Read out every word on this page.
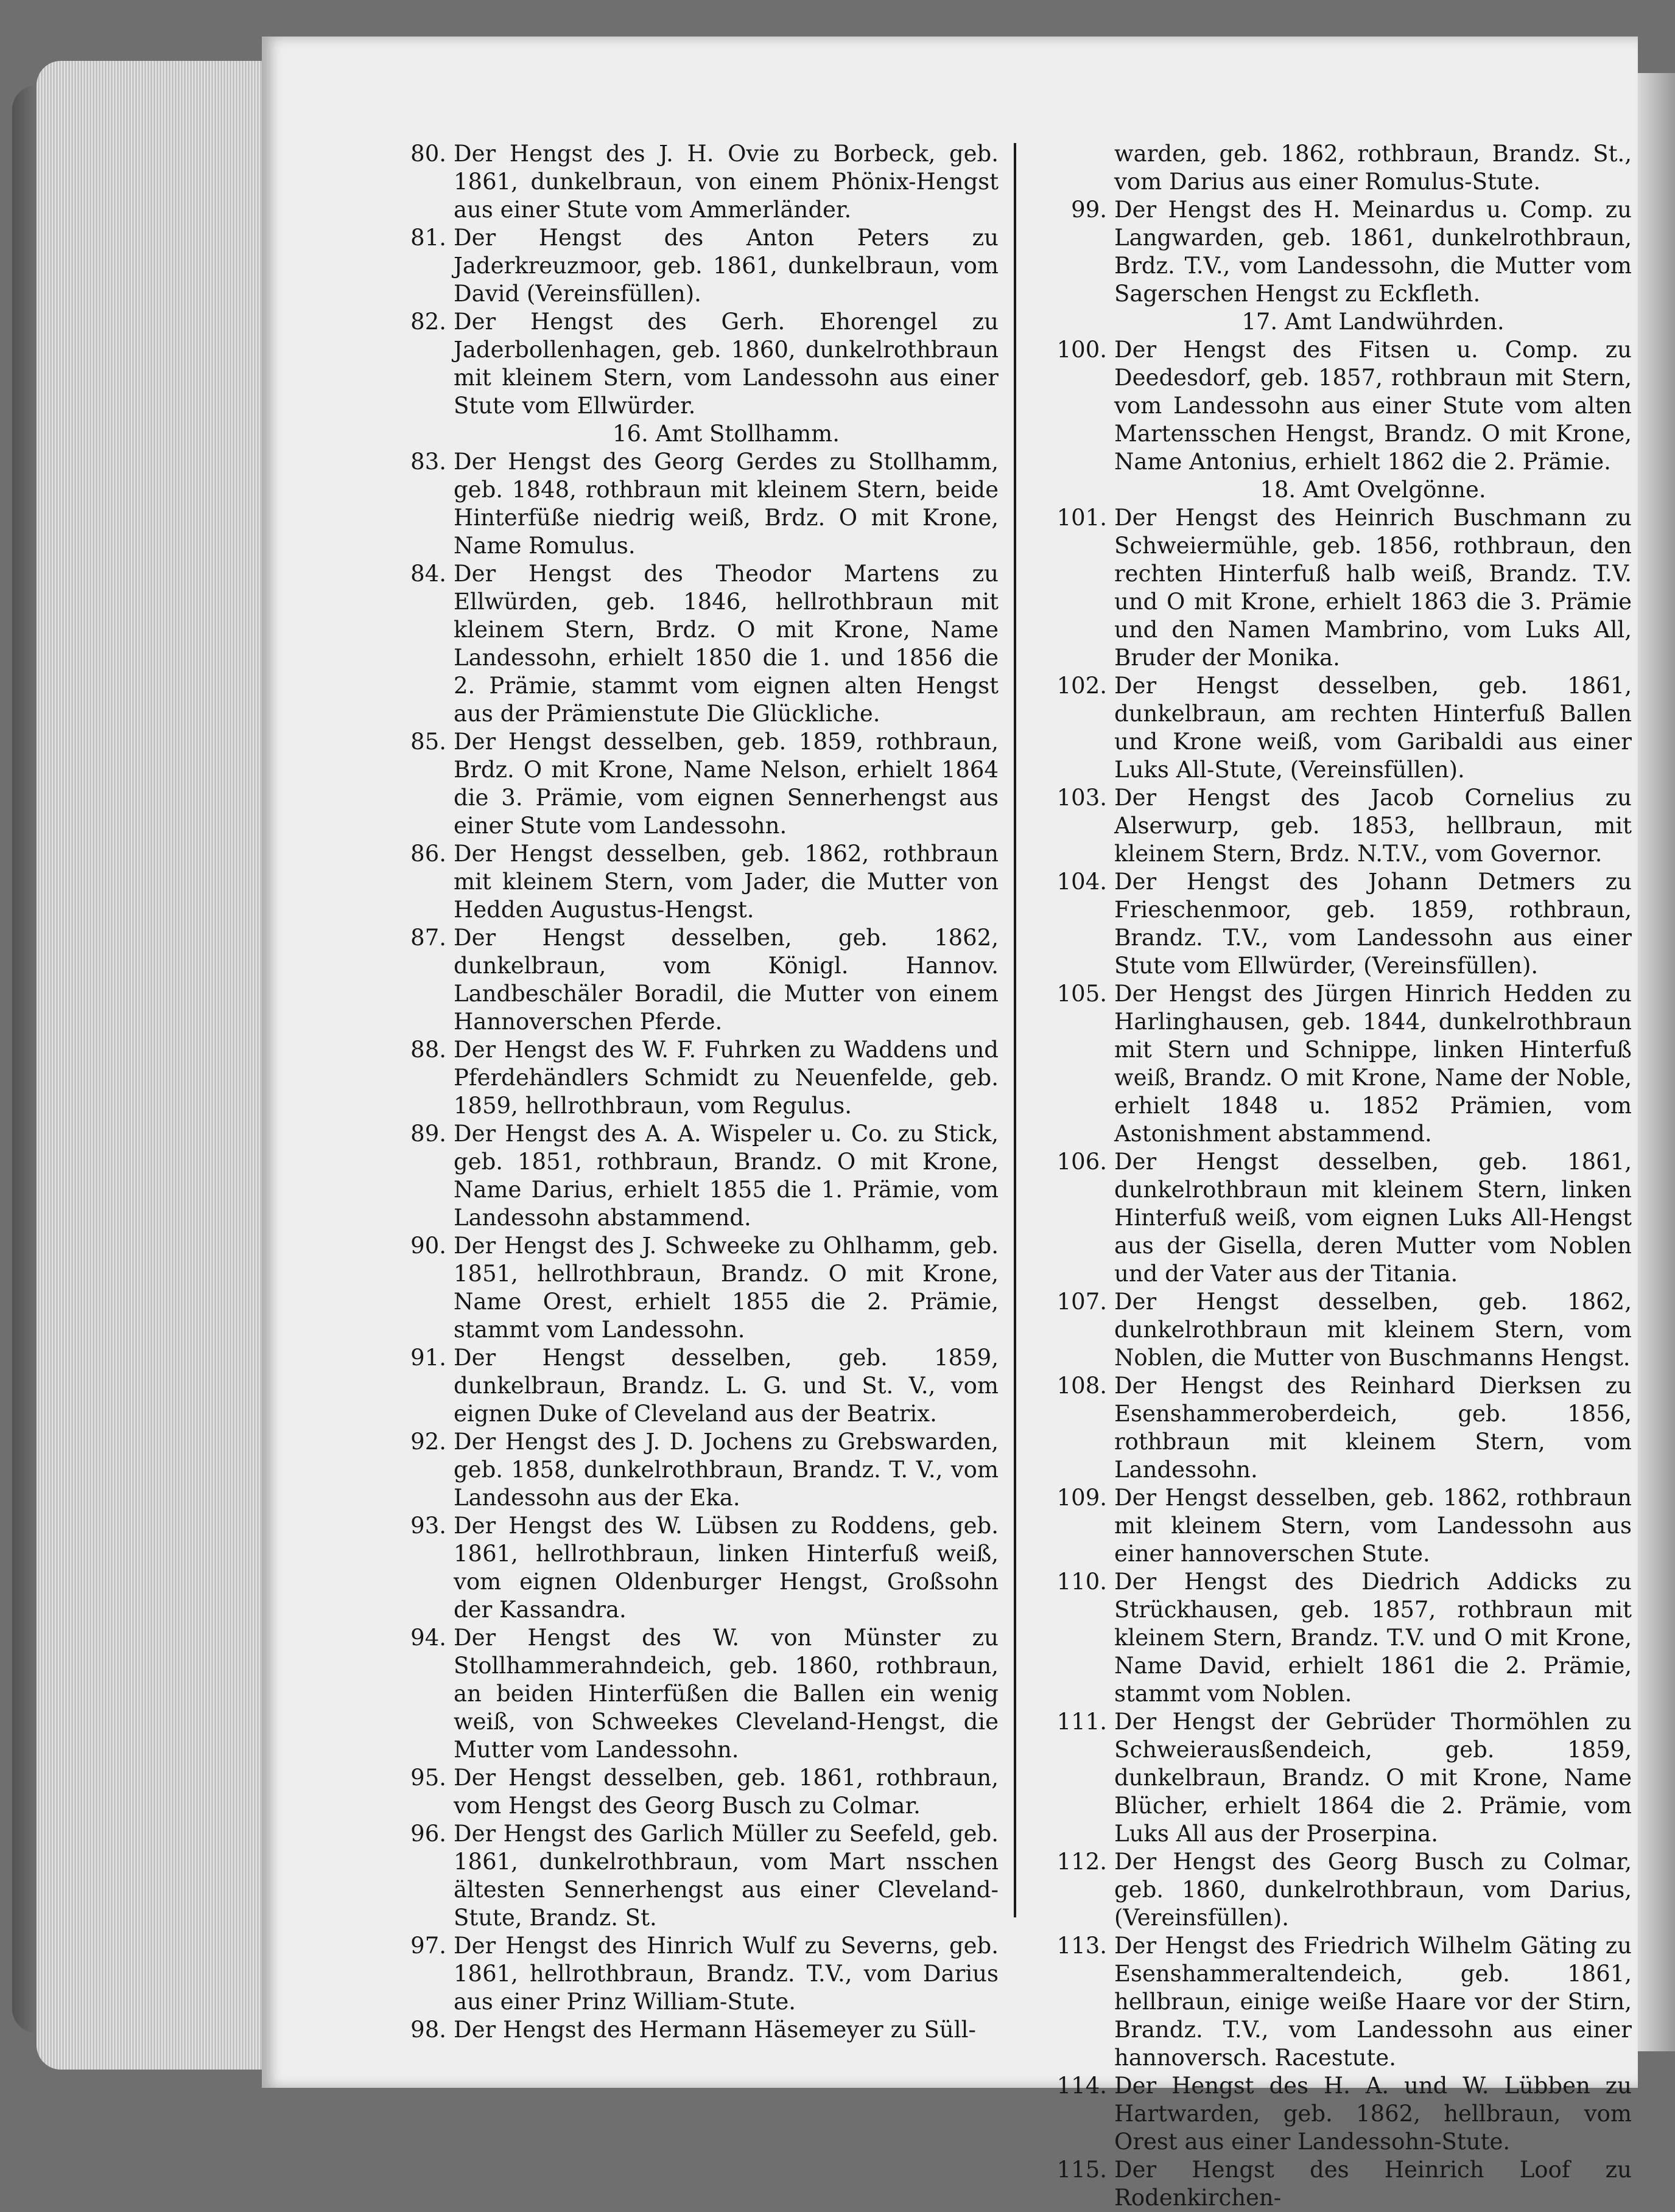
80. Der Hengst des J. H. Ovie zu Borbeck, geb. 1861, dunkelbraun, von einem Phönix-Hengst aus einer Stute vom Ammerländer.
81. Der Hengst des Anton Peters zu Jaderkreuzmoor, geb. 1861, dunkelbraun, vom David (Vereinsfüllen).
82. Der Hengst des Gerh. Ehorengel zu Jaderbollenhagen, geb. 1860, dunkelrothbraun mit kleinem Stern, vom Landessohn aus einer Stute vom Ellwürder.
16. Amt Stollhamm.
83. Der Hengst des Georg Gerdes zu Stollhamm, geb. 1848, rothbraun mit kleinem Stern, beide Hinterfüße niedrig weiß, Brdz. O mit Krone, Name Romulus.
84. Der Hengst des Theodor Martens zu Ellwürden, geb. 1846, hellrothbraun mit kleinem Stern, Brdz. O mit Krone, Name Landessohn, erhielt 1850 die 1. und 1856 die 2. Prämie, stammt vom eignen alten Hengst aus der Prämienstute Die Glückliche.
85. Der Hengst desselben, geb. 1859, rothbraun, Brdz. O mit Krone, Name Nelson, erhielt 1864 die 3. Prämie, vom eignen Sennerhengst aus einer Stute vom Landessohn.
86. Der Hengst desselben, geb. 1862, rothbraun mit kleinem Stern, vom Jader, die Mutter von Hedden Augustus-Hengst.
87. Der Hengst desselben, geb. 1862, dunkelbraun, vom Königl. Hannov. Landbeschäler Boradil, die Mutter von einem Hannoverschen Pferde.
88. Der Hengst des W. F. Fuhrken zu Waddens und Pferdehändlers Schmidt zu Neuenfelde, geb. 1859, hellrothbraun, vom Regulus.
89. Der Hengst des A. A. Wispeler u. Co. zu Stick, geb. 1851, rothbraun, Brandz. O mit Krone, Name Darius, erhielt 1855 die 1. Prämie, vom Landessohn abstammend.
90. Der Hengst des J. Schweeke zu Ohlhamm, geb. 1851, hellrothbraun, Brandz. O mit Krone, Name Orest, erhielt 1855 die 2. Prämie, stammt vom Landessohn.
91. Der Hengst desselben, geb. 1859, dunkelbraun, Brandz. L. G. und St. V., vom eignen Duke of Cleveland aus der Beatrix.
92. Der Hengst des J. D. Jochens zu Grebswarden, geb. 1858, dunkelrothbraun, Brandz. T. V., vom Landessohn aus der Eka.
93. Der Hengst des W. Lübsen zu Roddens, geb. 1861, hellrothbraun, linken Hinterfuß weiß, vom eignen Oldenburger Hengst, Großsohn der Kassandra.
94. Der Hengst des W. von Münster zu Stollhammerahndeich, geb. 1860, rothbraun, an beiden Hinterfüßen die Ballen ein wenig weiß, von Schweekes Cleveland-Hengst, die Mutter vom Landessohn.
95. Der Hengst desselben, geb. 1861, rothbraun, vom Hengst des Georg Busch zu Colmar.
96. Der Hengst des Garlich Müller zu Seefeld, geb. 1861, dunkelrothbraun, vom Mart nsschen ältesten Sennerhengst aus einer Cleveland-Stute, Brandz. St.
97. Der Hengst des Hinrich Wulf zu Severns, geb. 1861, hellrothbraun, Brandz. T.V., vom Darius aus einer Prinz William-Stute.
98. Der Hengst des Hermann Häsemeyer zu Süll-
warden, geb. 1862, rothbraun, Brandz. St., vom Darius aus einer Romulus-Stute.
99. Der Hengst des H. Meinardus u. Comp. zu Langwarden, geb. 1861, dunkelrothbraun, Brdz. T.V., vom Landessohn, die Mutter vom Sagerschen Hengst zu Eckfleth.
17. Amt Landwührden.
100. Der Hengst des Fitsen u. Comp. zu Deedesdorf, geb. 1857, rothbraun mit Stern, vom Landessohn aus einer Stute vom alten Martensschen Hengst, Brandz. O mit Krone, Name Antonius, erhielt 1862 die 2. Prämie.
18. Amt Ovelgönne.
101. Der Hengst des Heinrich Buschmann zu Schweiermühle, geb. 1856, rothbraun, den rechten Hinterfuß halb weiß, Brandz. T.V. und O mit Krone, erhielt 1863 die 3. Prämie und den Namen Mambrino, vom Luks All, Bruder der Monika.
102. Der Hengst desselben, geb. 1861, dunkelbraun, am rechten Hinterfuß Ballen und Krone weiß, vom Garibaldi aus einer Luks All-Stute, (Vereinsfüllen).
103. Der Hengst des Jacob Cornelius zu Alserwurp, geb. 1853, hellbraun, mit kleinem Stern, Brdz. N.T.V., vom Governor.
104. Der Hengst des Johann Detmers zu Frieschenmoor, geb. 1859, rothbraun, Brandz. T.V., vom Landessohn aus einer Stute vom Ellwürder, (Vereinsfüllen).
105. Der Hengst des Jürgen Hinrich Hedden zu Harlinghausen, geb. 1844, dunkelrothbraun mit Stern und Schnippe, linken Hinterfuß weiß, Brandz. O mit Krone, Name der Noble, erhielt 1848 u. 1852 Prämien, vom Astonishment abstammend.
106. Der Hengst desselben, geb. 1861, dunkelrothbraun mit kleinem Stern, linken Hinterfuß weiß, vom eignen Luks All-Hengst aus der Gisella, deren Mutter vom Noblen und der Vater aus der Titania.
107. Der Hengst desselben, geb. 1862, dunkelrothbraun mit kleinem Stern, vom Noblen, die Mutter von Buschmanns Hengst.
108. Der Hengst des Reinhard Dierksen zu Esenshammeroberdeich, geb. 1856, rothbraun mit kleinem Stern, vom Landessohn.
109. Der Hengst desselben, geb. 1862, rothbraun mit kleinem Stern, vom Landessohn aus einer hannoverschen Stute.
110. Der Hengst des Diedrich Addicks zu Strückhausen, geb. 1857, rothbraun mit kleinem Stern, Brandz. T.V. und O mit Krone, Name David, erhielt 1861 die 2. Prämie, stammt vom Noblen.
111. Der Hengst der Gebrüder Thormöhlen zu Schweierausßendeich, geb. 1859, dunkelbraun, Brandz. O mit Krone, Name Blücher, erhielt 1864 die 2. Prämie, vom Luks All aus der Proserpina.
112. Der Hengst des Georg Busch zu Colmar, geb. 1860, dunkelrothbraun, vom Darius, (Vereinsfüllen).
113. Der Hengst des Friedrich Wilhelm Gäting zu Esenshammeraltendeich, geb. 1861, hellbraun, einige weiße Haare vor der Stirn, Brandz. T.V., vom Landessohn aus einer hannoversch. Racestute.
114. Der Hengst des H. A. und W. Lübben zu Hartwarden, geb. 1862, hellbraun, vom Orest aus einer Landessohn-Stute.
115. Der Hengst des Heinrich Loof zu Rodenkirchen-
